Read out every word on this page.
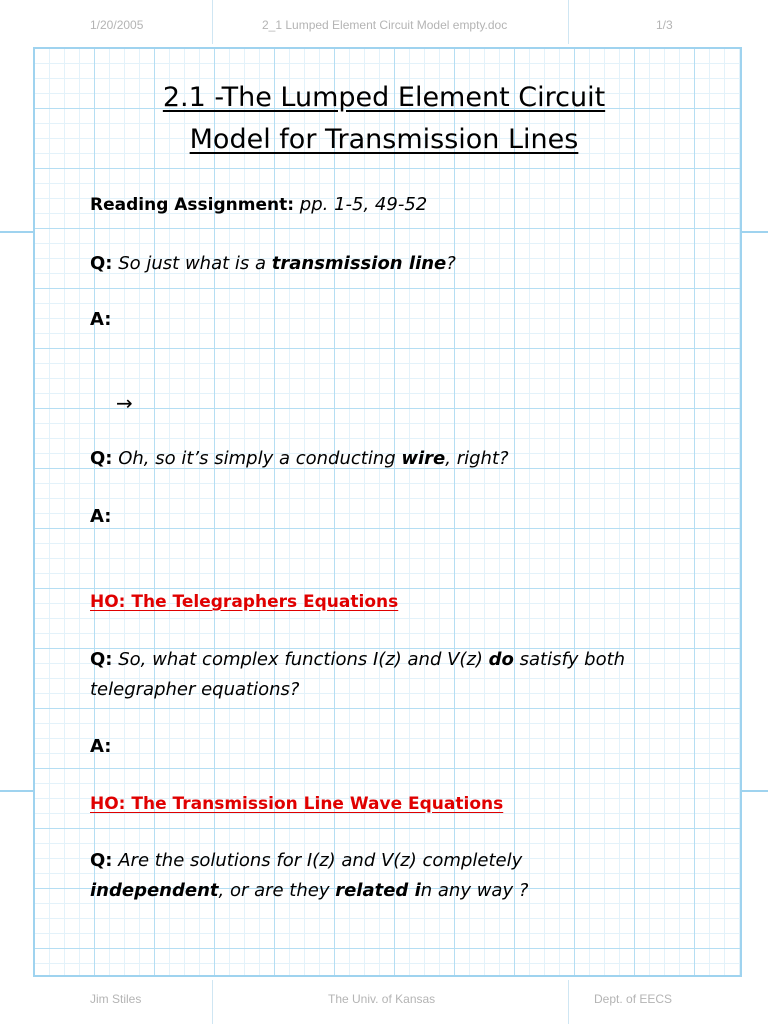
1/20/2005	2_1 Lumped Element Circuit Model empty.doc	1/3
2.1 -The Lumped Element Circuit
Model for Transmission Lines
Reading Assignment: pp. 1-5, 49-52
Q: So just what is a transmission line?
A:
→
Q: Oh, so it’s simply a conducting wire, right?
A:
HO: The Telegraphers Equations
Q: So, what complex functions I(z) and V(z) do satisfy both
telegrapher equations?
A:
HO: The Transmission Line Wave Equations
Q: Are the solutions for I(z) and V(z) completely
independent, or are they related in any way ?
Jim Stiles	The Univ. of Kansas	Dept. of EECS
